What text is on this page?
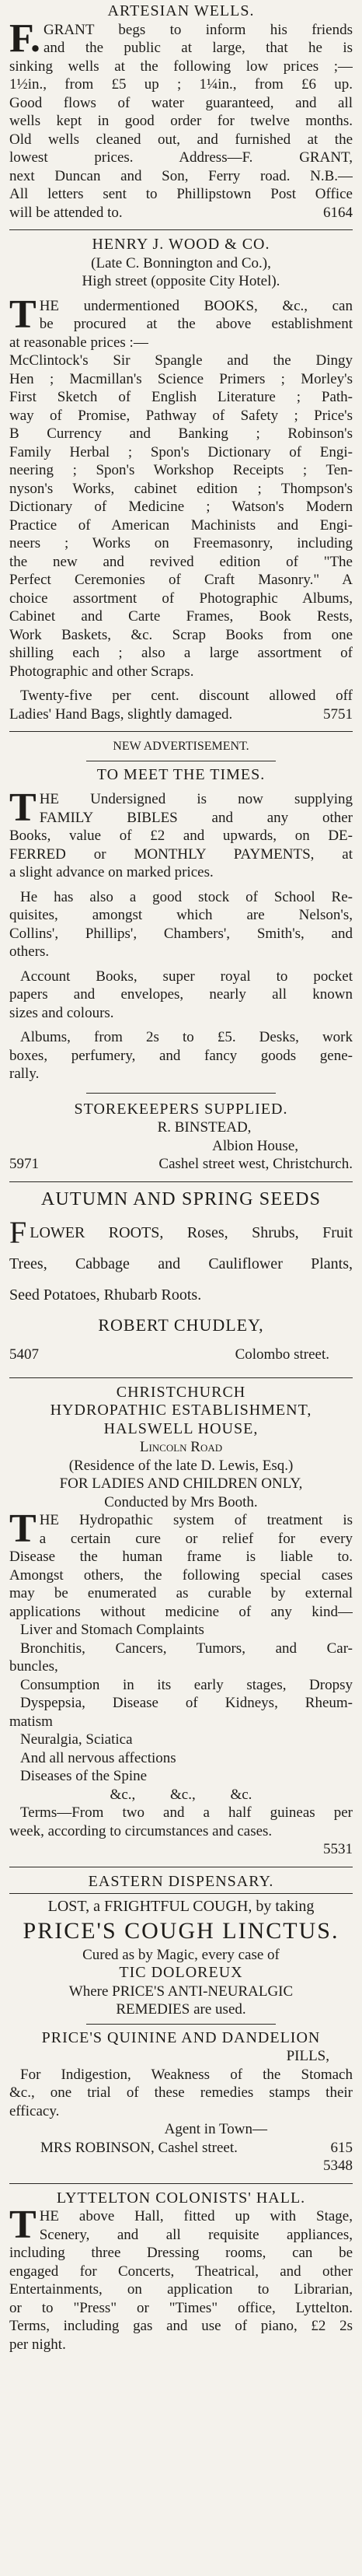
ARTESIAN WELLS.
F. GRANT begs to inform his friends
and the public at large, that he is
sinking wells at the following low prices ;—
1½in., from £5 up ; 1¼in., from £6 up.
Good flows of water guaranteed, and all
wells kept in good order for twelve months.
Old wells cleaned out, and furnished at the
lowest prices. Address—F. GRANT,
next Duncan and Son, Ferry road. N.B.—
All letters sent to Phillipstown Post Office
will be attended to.	6164
HENRY J. WOOD & CO.
(Late C. Bonnington and Co.),
High street (opposite City Hotel).
T HE undermentioned BOOKS, &c., can
be procured at the above establishment
at reasonable prices :—
McClintock's Sir Spangle and the Dingy
Hen ; Macmillan's Science Primers ; Morley's
First Sketch of English Literature ; Path-
way of Promise, Pathway of Safety ; Price's
B Currency and Banking ; Robinson's
Family Herbal ; Spon's Dictionary of Engi-
neering ; Spon's Workshop Receipts ; Ten-
nyson's Works, cabinet edition ; Thompson's
Dictionary of Medicine ; Watson's Modern
Practice of American Machinists and Engi-
neers ; Works on Freemasonry, including
the new and revived edition of "The
Perfect Ceremonies of Craft Masonry." A
choice assortment of Photographic Albums,
Cabinet and Carte Frames, Book Rests,
Work Baskets, &c. Scrap Books from one
shilling each ; also a large assortment of
Photographic and other Scraps.
Twenty-five per cent. discount allowed off
Ladies' Hand Bags, slightly damaged.	5751
NEW ADVERTISEMENT.
TO MEET THE TIMES.
T HE Undersigned is now supplying
FAMILY BIBLES and any other
Books, value of £2 and upwards, on DE-
FERRED or MONTHLY PAYMENTS, at
a slight advance on marked prices.
He has also a good stock of School Re-
quisites, amongst which are Nelson's,
Collins', Phillips', Chambers', Smith's, and
others.
Account Books, super royal to pocket
papers and envelopes, nearly all known
sizes and colours.
Albums, from 2s to £5. Desks, work
boxes, perfumery, and fancy goods gene-
rally.
STOREKEEPERS SUPPLIED.
R. BINSTEAD,
Albion House,
5971	Cashel street west, Christchurch.
AUTUMN AND SPRING SEEDS
F LOWER ROOTS, Roses, Shrubs, Fruit
Trees, Cabbage and Cauliflower Plants,
Seed Potatoes, Rhubarb Roots.
ROBERT CHUDLEY,
5407	Colombo street.
CHRISTCHURCH
HYDROPATHIC ESTABLISHMENT,
HALSWELL HOUSE,
Lincoln Road
(Residence of the late D. Lewis, Esq.)
FOR LADIES AND CHILDREN ONLY,
Conducted by Mrs Booth.
T HE Hydropathic system of treatment is
a certain cure or relief for every
Disease the human frame is liable to.
Amongst others, the following special cases
may be enumerated as curable by external
applications without medicine of any kind—
Liver and Stomach Complaints
Bronchitis, Cancers, Tumors, and Car-
buncles,
Consumption in its early stages, Dropsy
Dyspepsia, Disease of Kidneys, Rheum-
matism
Neuralgia, Sciatica
And all nervous affections
Diseases of the Spine
&c., &c., &c.
Terms—From two and a half guineas per
week, according to circumstances and cases.
5531
EASTERN DISPENSARY.
LOST, a FRIGHTFUL COUGH, by taking
PRICE'S COUGH LINCTUS.
Cured as by Magic, every case of
TIC DOLOREUX
Where PRICE'S ANTI-NEURALGIC
REMEDIES are used.
PRICE'S QUININE AND DANDELION
PILLS,
For Indigestion, Weakness of the Stomach
&c., one trial of these remedies stamps their
efficacy.
Agent in Town—
MRS ROBINSON, Cashel street.	615
5348
LYTTELTON COLONISTS' HALL.
T HE above Hall, fitted up with Stage,
Scenery, and all requisite appliances,
including three Dressing rooms, can be
engaged for Concerts, Theatrical, and other
Entertainments, on application to Librarian,
or to "Press" or "Times" office, Lyttelton.
Terms, including gas and use of piano, £2 2s
per night.
